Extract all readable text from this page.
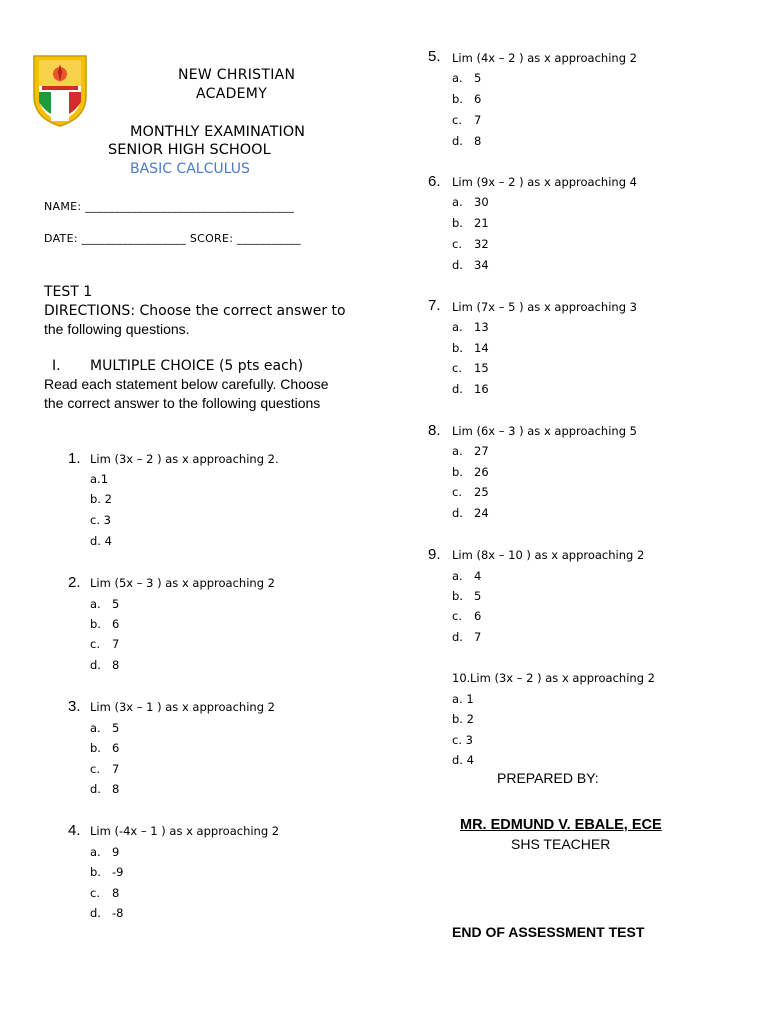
NEW CHRISTIAN
ACADEMY
MONTHLY EXAMINATION
SENIOR HIGH SCHOOL
BASIC CALCULUS
NAME: ____________________________________
DATE: __________________ SCORE: ___________
TEST 1
DIRECTIONS: Choose the correct answer to
the following questions.
I. MULTIPLE CHOICE (5 pts each)
Read each statement below carefully. Choose
the correct answer to the following questions
1. Lim (3x – 2 ) as x approaching 2.
a.1
b. 2
c. 3
d. 4
2. Lim (5x – 3 ) as x approaching 2
a. 5
b. 6
c. 7
d. 8
3. Lim (3x – 1 ) as x approaching 2
a. 5
b. 6
c. 7
d. 8
4. Lim (-4x – 1 ) as x approaching 2
a. 9
b. -9
c. 8
d. -8
5. Lim (4x – 2 ) as x approaching 2
a. 5
b. 6
c. 7
d. 8
6. Lim (9x – 2 ) as x approaching 4
a. 30
b. 21
c. 32
d. 34
7. Lim (7x – 5 ) as x approaching 3
a. 13
b. 14
c. 15
d. 16
8. Lim (6x – 3 ) as x approaching 5
a. 27
b. 26
c. 25
d. 24
9. Lim (8x – 10 ) as x approaching 2
a. 4
b. 5
c. 6
d. 7
10. Lim (3x – 2 ) as x approaching 2
a. 1
b. 2
c. 3
d. 4
PREPARED BY:
MR. EDMUND V. EBALE, ECE
SHS TEACHER
END OF ASSESSMENT TEST
